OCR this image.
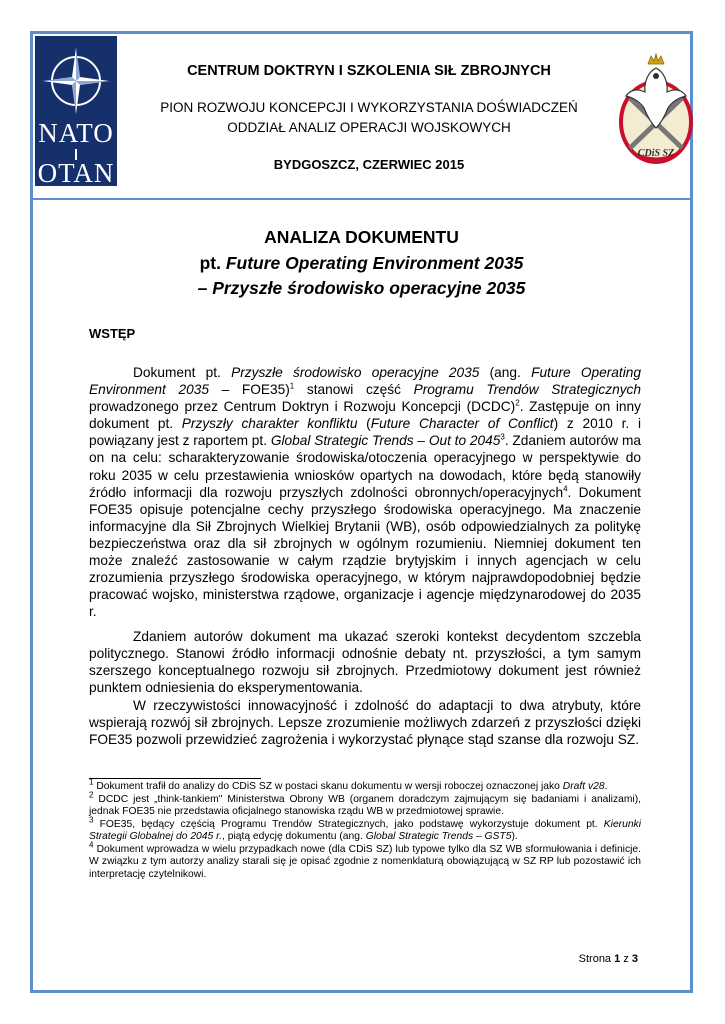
NATO
OTAN
CENTRUM DOKTRYN I SZKOLENIA SIŁ ZBROJNYCH
PION ROZWOJU KONCEPCJI I WYKORZYSTANIA DOŚWIADCZEŃ
ODDZIAŁ ANALIZ OPERACJI WOJSKOWYCH
BYDGOSZCZ, CZERWIEC 2015
CDiS SZ
ANALIZA DOKUMENTU
pt. Future Operating Environment 2035
– Przyszłe środowisko operacyjne 2035
WSTĘP

Dokument pt. Przyszłe środowisko operacyjne 2035 (ang. Future Operating Environment 2035 – FOE35)$^1$ stanowi część Programu Trendów Strategicznych prowadzonego przez Centrum Doktryn i Rozwoju Koncepcji (DCDC)$^2$. Zastępuje on inny dokument pt. Przyszły charakter konfliktu (Future Character of Conflict) z 2010 r. i powiązany jest z raportem pt. Global Strategic Trends – Out to 2045$^3$. Zdaniem autorów ma on na celu: scharakteryzowanie środowiska/otoczenia operacyjnego w perspektywie do roku 2035 w celu przestawienia wniosków opartych na dowodach, które będą stanowiły źródło informacji dla rozwoju przyszłych zdolności obronnych/operacyjnych$^4$. Dokument FOE35 opisuje potencjalne cechy przyszłego środowiska operacyjnego. Ma znaczenie informacyjne dla Sił Zbrojnych Wielkiej Brytanii (WB), osób odpowiedzialnych za politykę bezpieczeństwa oraz dla sił zbrojnych w ogólnym rozumieniu. Niemniej dokument ten może znaleźć zastosowanie w całym rządzie brytyjskim i innych agencjach w celu zrozumienia przyszłego środowiska operacyjnego, w którym najprawdopodobniej będzie pracować wojsko, ministerstwa rządowe, organizacje i agencje międzynarodowej do 2035 r.

Zdaniem autorów dokument ma ukazać szeroki kontekst decydentom szczebla politycznego. Stanowi źródło informacji odnośnie debaty nt. przyszłości, a tym samym szerszego konceptualnego rozwoju sił zbrojnych. Przedmiotowy dokument jest również punktem odniesienia do eksperymentowania.

W rzeczywistości innowacyjność i zdolność do adaptacji to dwa atrybuty, które wspierają rozwój sił zbrojnych. Lepsze zrozumienie możliwych zdarzeń z przyszłości dzięki FOE35 pozwoli przewidzieć zagrożenia i wykorzystać płynące stąd szanse dla rozwoju SZ.

$^1$ Dokument trafił do analizy do CDiS SZ w postaci skanu dokumentu w wersji roboczej oznaczonej jako Draft v28.

$^2$ DCDC jest „think-tankiem" Ministerstwa Obrony WB (organem doradczym zajmującym się badaniami i analizami), jednak FOE35 nie przedstawia oficjalnego stanowiska rządu WB w przedmiotowej sprawie.

$^3$ FOE35, będący częścią Programu Trendów Strategicznych, jako podstawę wykorzystuje dokument pt. Kierunki Strategii Globalnej do 2045 r., piątą edycję dokumentu (ang. Global Strategic Trends – GST5).

$^4$ Dokument wprowadza w wielu przypadkach nowe (dla CDiS SZ) lub typowe tylko dla SZ WB sformułowania i definicje. W związku z tym autorzy analizy starali się je opisać zgodnie z nomenklaturą obowiązującą w SZ RP lub pozostawić ich interpretację czytelnikowi.

Strona 1 z 3
